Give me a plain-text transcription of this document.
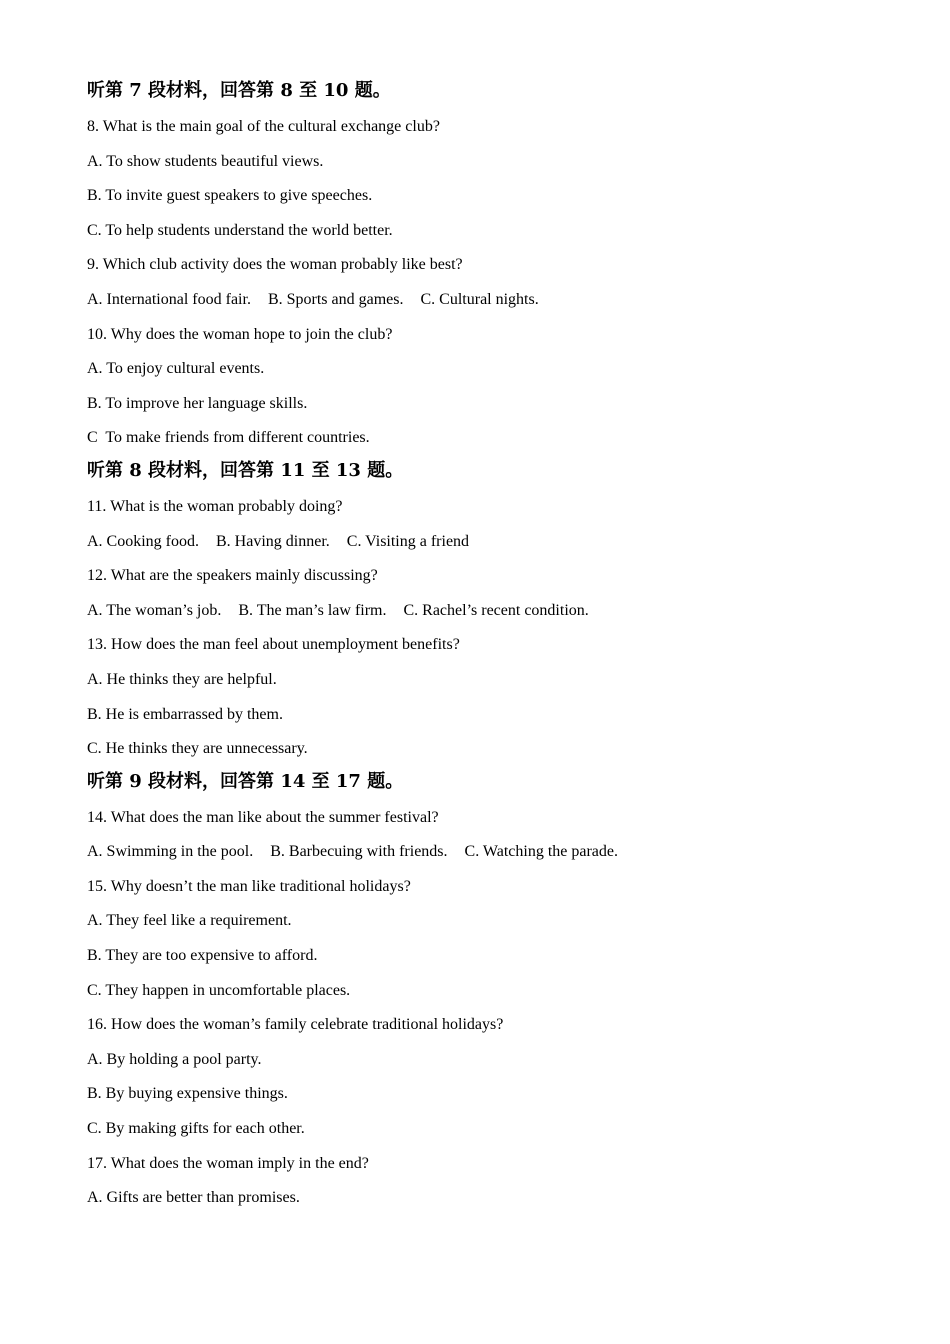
听第 7 段材料，回答第 8 至 10 题。
8. What is the main goal of the cultural exchange club?
A. To show students beautiful views.
B. To invite guest speakers to give speeches.
C. To help students understand the world better.
9. Which club activity does the woman probably like best?
A. International food fair. B. Sports and games. C. Cultural nights.
10. Why does the woman hope to join the club?
A. To enjoy cultural events.
B. To improve her language skills.
C  To make friends from different countries.
听第 8 段材料，回答第 11 至 13 题。
11. What is the woman probably doing?
A. Cooking food. B. Having dinner. C. Visiting a friend
12. What are the speakers mainly discussing?
A. The woman’s job. B. The man’s law firm. C. Rachel’s recent condition.
13. How does the man feel about unemployment benefits?
A. He thinks they are helpful.
B. He is embarrassed by them.
C. He thinks they are unnecessary.
听第 9 段材料，回答第 14 至 17 题。
14. What does the man like about the summer festival?
A. Swimming in the pool. B. Barbecuing with friends. C. Watching the parade.
15. Why doesn’t the man like traditional holidays?
A. They feel like a requirement.
B. They are too expensive to afford.
C. They happen in uncomfortable places.
16. How does the woman’s family celebrate traditional holidays?
A. By holding a pool party.
B. By buying expensive things.
C. By making gifts for each other.
17. What does the woman imply in the end?
A. Gifts are better than promises.
